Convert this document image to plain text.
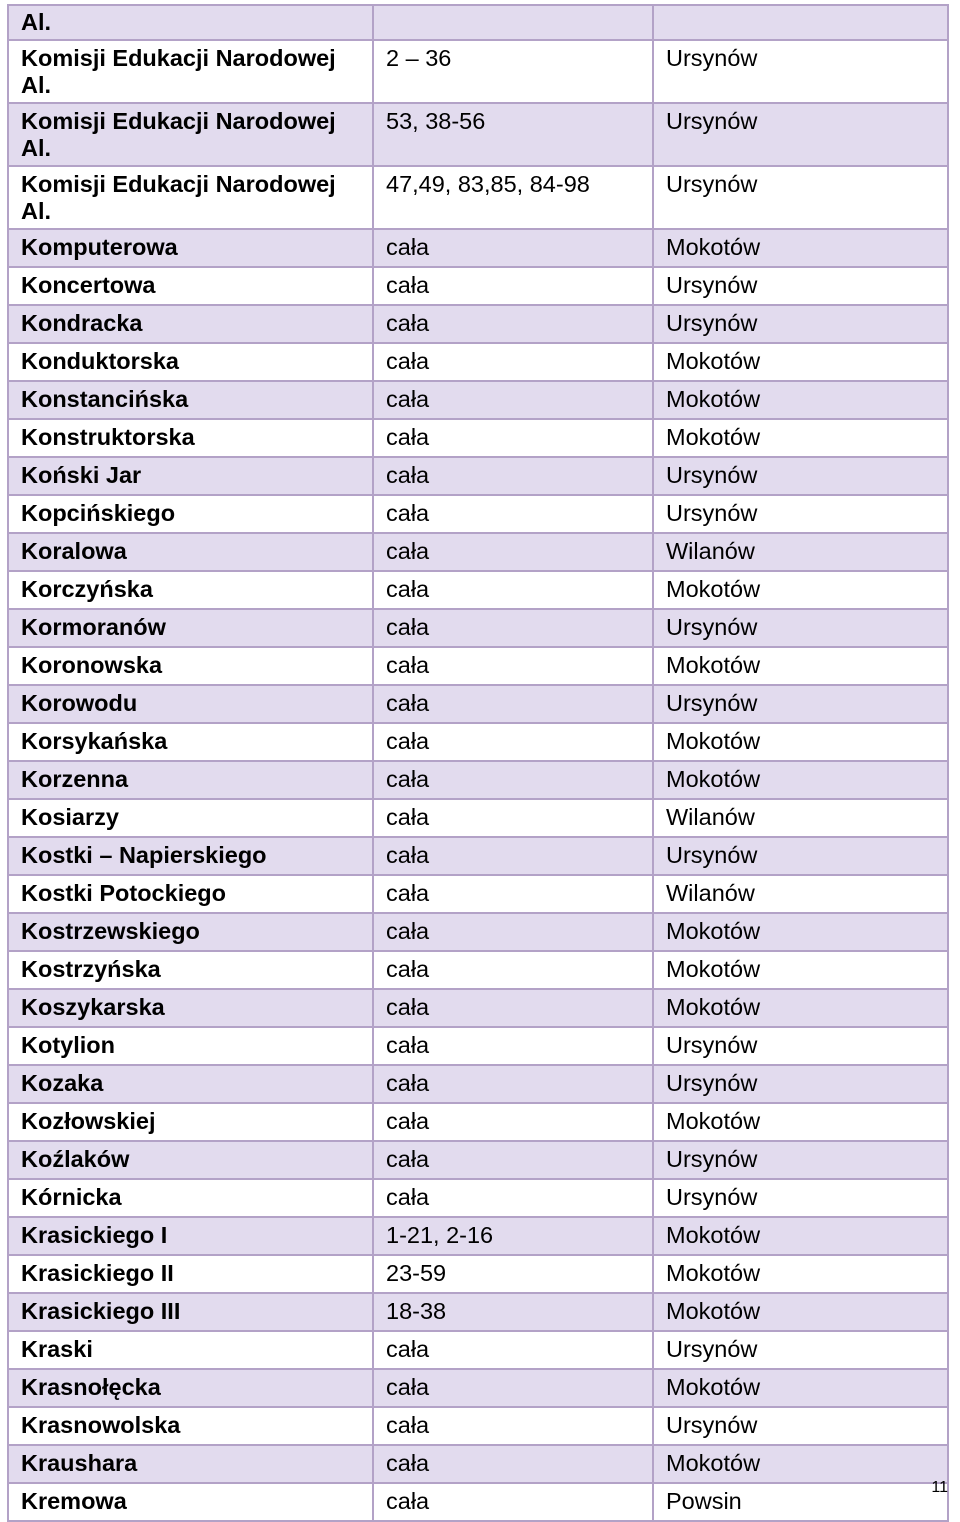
Al.		
Komisji Edukacji Narodowej
Al.	2 – 36	Ursynów
Komisji Edukacji Narodowej
Al.	53, 38-56	Ursynów
Komisji Edukacji Narodowej
Al.	47,49, 83,85, 84-98	Ursynów
Komputerowa	cała	Mokotów
Koncertowa	cała	Ursynów
Kondracka	cała	Ursynów
Konduktorska	cała	Mokotów
Konstancińska	cała	Mokotów
Konstruktorska	cała	Mokotów
Koński Jar	cała	Ursynów
Kopcińskiego	cała	Ursynów
Koralowa	cała	Wilanów
Korczyńska	cała	Mokotów
Kormoranów	cała	Ursynów
Koronowska	cała	Mokotów
Korowodu	cała	Ursynów
Korsykańska	cała	Mokotów
Korzenna	cała	Mokotów
Kosiarzy	cała	Wilanów
Kostki – Napierskiego	cała	Ursynów
Kostki Potockiego	cała	Wilanów
Kostrzewskiego	cała	Mokotów
Kostrzyńska	cała	Mokotów
Koszykarska	cała	Mokotów
Kotylion	cała	Ursynów
Kozaka	cała	Ursynów
Kozłowskiej	cała	Mokotów
Koźlaków	cała	Ursynów
Kórnicka	cała	Ursynów
Krasickiego I	1-21, 2-16	Mokotów
Krasickiego II	23-59	Mokotów
Krasickiego III	18-38	Mokotów
Kraski	cała	Ursynów
Krasnołęcka	cała	Mokotów
Krasnowolska	cała	Ursynów
Kraushara	cała	Mokotów
Kremowa	cała	Powsin
11
